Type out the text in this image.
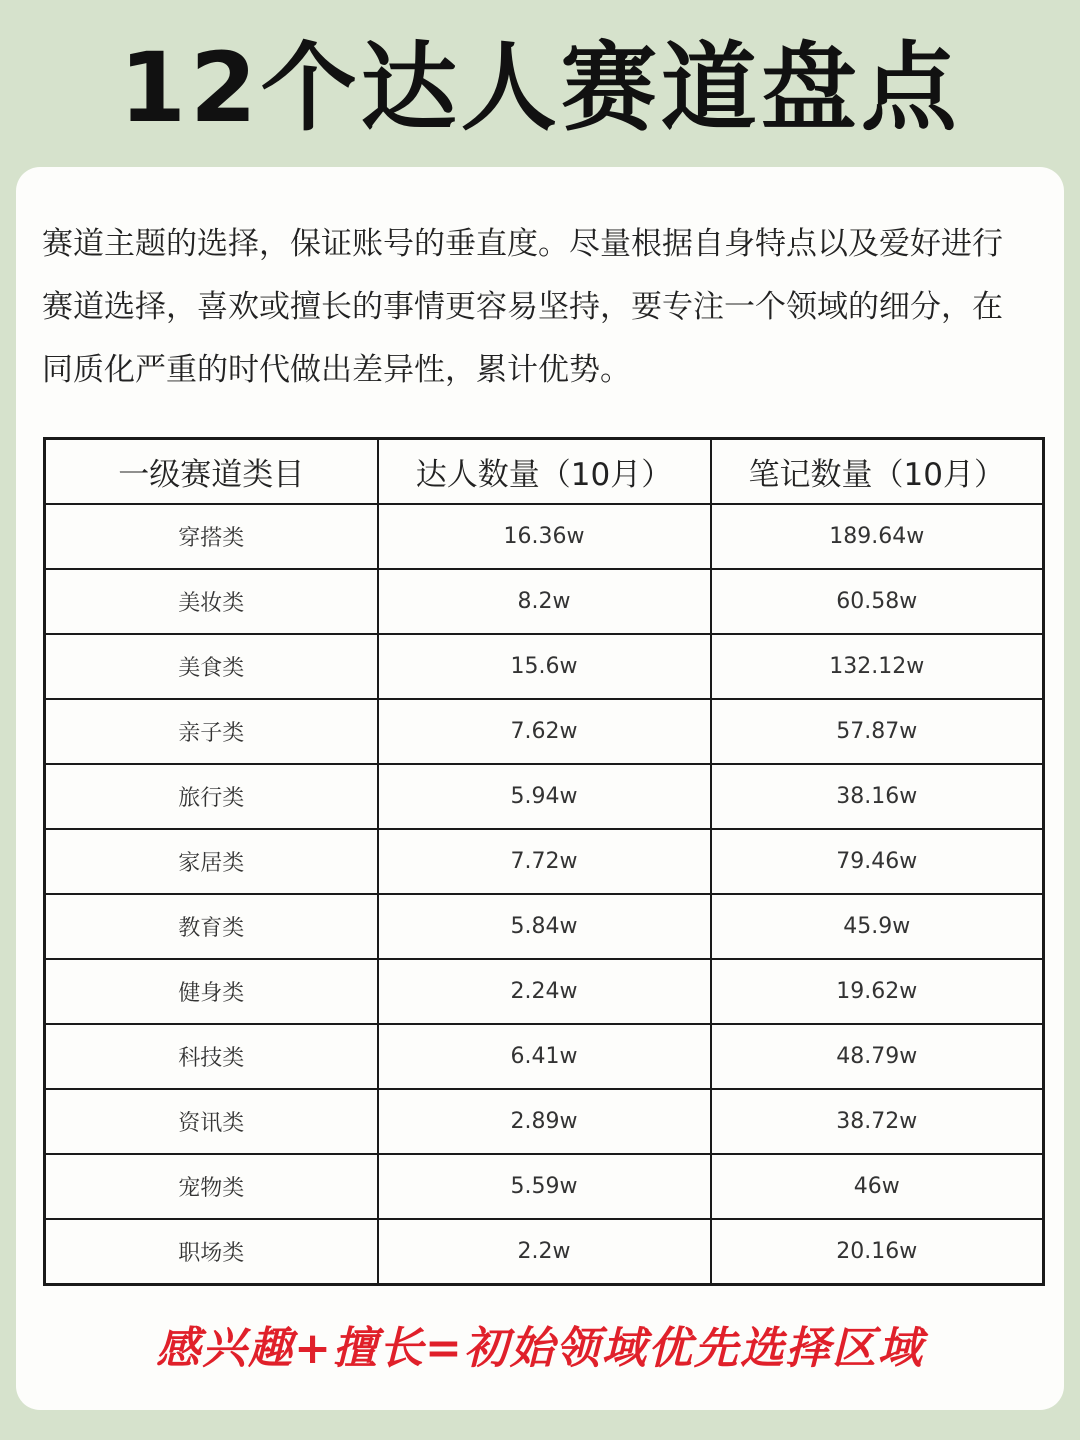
12个达人赛道盘点

赛道主题的选择，保证账号的垂直度。尽量根据自身特点以及爱好进行

赛道选择，喜欢或擅长的事情更容易坚持，要专注一个领域的细分，在

同质化严重的时代做出差异性，累计优势。

一级赛道类目	达人数量（10月）	笔记数量（10月）
穿搭类	16.36w	189.64w
美妆类	8.2w	60.58w
美食类	15.6w	132.12w
亲子类	7.62w	57.87w
旅行类	5.94w	38.16w
家居类	7.72w	79.46w
教育类	5.84w	45.9w
健身类	2.24w	19.62w
科技类	6.41w	48.79w
资讯类	2.89w	38.72w
宠物类	5.59w	46w
职场类	2.2w	20.16w
感兴趣+擅长=初始领域优先选择区域
